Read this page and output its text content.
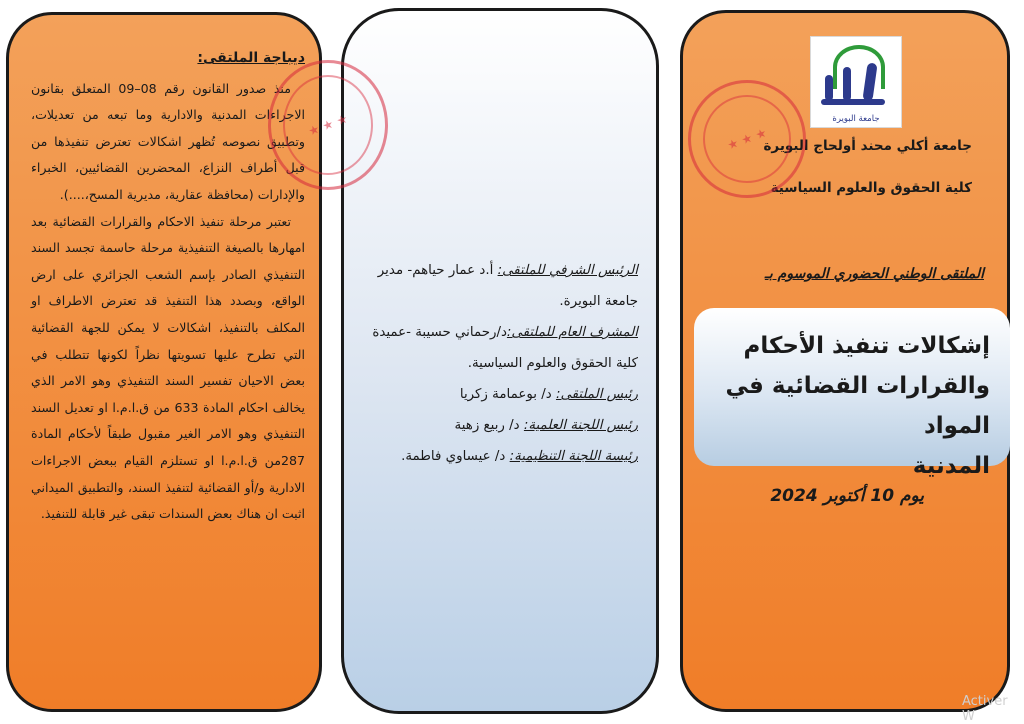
ديباجة الملتقى:

منذ صدور القانون رقم 08–09 المتعلق بقانون الاجراءات المدنية والادارية وما تبعه من تعديلات، وتطبيق نصوصه تُظهر اشكالات تعترض تنفيذها من قبل أطراف النزاع، المحضرين القضائيين، الخبراء والإدارات (محافظة عقارية، مديرية المسح،....).

تعتبر مرحلة تنفيذ الاحكام والقرارات القضائية بعد امهارها بالصيغة التنفيذية مرحلة حاسمة تجسد السند التنفيذي الصادر بإسم الشعب الجزائري على ارض الواقع، وبصدد هذا التنفيذ قد تعترض الاطراف او المكلف بالتنفيذ، اشكالات لا يمكن للجهة القضائية التي تطرح عليها تسويتها نظراً لكونها تتطلب في بعض الاحيان تفسير السند التنفيذي وهو الامر الذي يخالف احكام المادة 633 من ق.ا.م.ا او تعديل السند التنفيذي وهو الامر الغير مقبول طبقاً لأحكام المادة 287من ق.ا.م.ا او تستلزم القيام ببعض الاجراءات الادارية و/أو القضائية لتنفيذ السند، والتطبيق الميداني اثبت ان هناك بعض السندات تبقى غير قابلة للتنفيذ.

الرئيس الشرفي للملتقى: أ.د عمار حياهم- مدير جامعة البويرة.

المشرف العام للملتقى:د/رحماني حسيبة -عميدة كلية الحقوق والعلوم السياسية.

رئيس الملتقى: د/ بوعمامة زكريا

رئيس اللجنة العلمية: د/ ربيع زهية

رئيسة اللجنة التنظيمية: د/ عيساوي فاطمة.

جامعة البويرة
جامعة أكلي محند أولحاج البويرة
كلية الحقوق والعلوم السياسية
الملتقى الوطني الحضوري الموسوم بـ
إشكالات تنفيذ الأحكام
والقرارات القضائية في المواد
المدنية
يوم 10 أكتوبر 2024
★ ★ ★
★ ★ ★
Activer W
